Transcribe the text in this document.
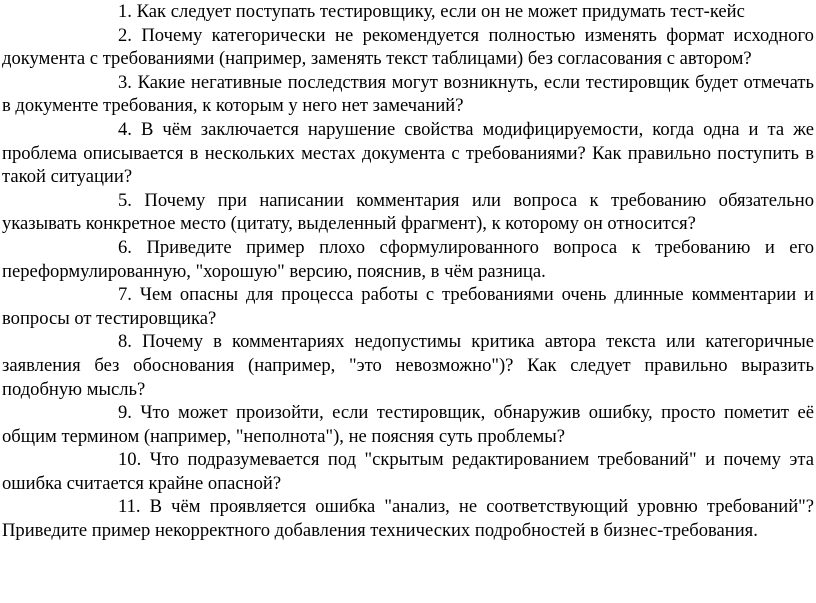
1. Как следует поступать тестировщику, если он не может придумать тест-кейс

2. Почему категорически не рекомендуется полностью изменять формат исходного документа с требованиями (например, заменять текст таблицами) без согласования с автором?

3. Какие негативные последствия могут возникнуть, если тестировщик будет отмечать в документе требования, к которым у него нет замечаний?

4. В чём заключается нарушение свойства модифицируемости, когда одна и та же проблема описывается в нескольких местах документа с требованиями? Как правильно поступить в такой ситуации?

5. Почему при написании комментария или вопроса к требованию обязательно указывать конкретное место (цитату, выделенный фрагмент), к которому он относится?

6. Приведите пример плохо сформулированного вопроса к требованию и его переформулированную, "хорошую" версию, пояснив, в чём разница.

7. Чем опасны для процесса работы с требованиями очень длинные комментарии и вопросы от тестировщика?

8. Почему в комментариях недопустимы критика автора текста или категоричные заявления без обоснования (например, "это невозможно")? Как следует правильно выразить подобную мысль?

9. Что может произойти, если тестировщик, обнаружив ошибку, просто пометит её общим термином (например, "неполнота"), не поясняя суть проблемы?

10. Что подразумевается под "скрытым редактированием требований" и почему эта ошибка считается крайне опасной?

11. В чём проявляется ошибка "анализ, не соответствующий уровню требований"? Приведите пример некорректного добавления технических подробностей в бизнес-требования.
